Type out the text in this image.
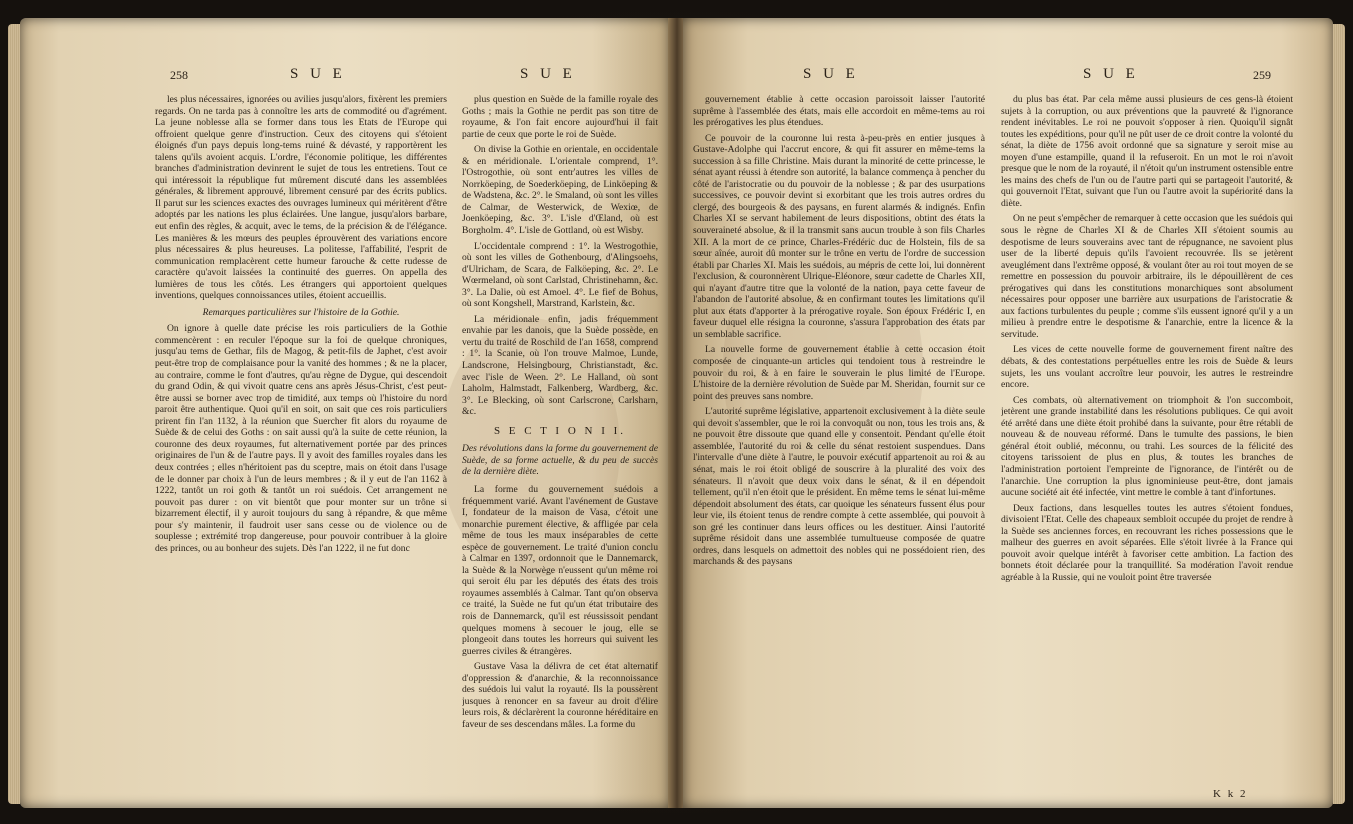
258	S U E	S U E

les plus nécessaires, ignorées ou avilies jusqu'alors, fixèrent les premiers regards. On ne tarda pas à connoître les arts de commodité ou d'agrément. La jeune noblesse alla se former dans tous les Etats de l'Europe qui offroient quelque genre d'instruction. Ceux des citoyens qui s'étoient éloignés d'un pays depuis long-tems ruiné & dévasté, y rapportèrent les talens qu'ils avoient acquis. L'ordre, l'économie politique, les différentes branches d'administration devinrent le sujet de tous les entretiens. Tout ce qui intéressoit la république fut mûrement discuté dans les assemblées générales, & librement approuvé, librement censuré par des écrits publics. Il parut sur les sciences exactes des ouvrages lumineux qui méritèrent d'être adoptés par les nations les plus éclairées. Une langue, jusqu'alors barbare, eut enfin des règles, & acquit, avec le tems, de la précision & de l'élégance. Les manières & les mœurs des peuples éprouvèrent des variations encore plus nécessaires & plus heureuses. La politesse, l'affabilité, l'esprit de communication remplacèrent cette humeur farouche & cette rudesse de caractère qu'avoit laissées la continuité des guerres. On appella des lumières de tous les côtés. Les étrangers qui apportoient quelques inventions, quelques connoissances utiles, étoient accueillis.

Remarques particulières sur l'histoire de la Gothie.

On ignore à quelle date précise les rois particuliers de la Gothie commencèrent : en reculer l'époque sur la foi de quelque chroniques, jusqu'au tems de Gethar, fils de Magog, & petit-fils de Japhet, c'est avoir peut-être trop de complaisance pour la vanité des hommes ; & ne la placer, au contraire, comme le font d'autres, qu'au règne de Dygue, qui descendoit du grand Odin, & qui vivoit quatre cens ans après Jésus-Christ, c'est peut-être aussi se borner avec trop de timidité, aux temps où l'histoire du nord paroit être authentique. Quoi qu'il en soit, on sait que ces rois particuliers prirent fin l'an 1132, à la réunion que Suercher fit alors du royaume de Suède & de celui des Goths : on sait aussi qu'à la suite de cette réunion, la couronne des deux royaumes, fut alternativement portée par des princes originaires de l'un & de l'autre pays. Il y avoit des familles royales dans les deux contrées ; elles n'héritoient pas du sceptre, mais on étoit dans l'usage de le donner par choix à l'un de leurs membres ; & il y eut de l'an 1162 à 1222, tantôt un roi goth & tantôt un roi suédois. Cet arrangement ne pouvoit pas durer : on vit bientôt que pour monter sur un trône si bizarrement électif, il y auroit toujours du sang à répandre, & que même pour s'y maintenir, il faudroit user sans cesse ou de violence ou de souplesse ; extrémité trop dangereuse, pour pouvoir contribuer à la gloire des princes, ou au bonheur des sujets. Dès l'an 1222, il ne fut donc

plus question en Suède de la famille royale des Goths ; mais la Gothie ne perdit pas son titre de royaume, & l'on fait encore aujourd'hui il fait partie de ceux que porte le roi de Suède.

On divise la Gothie en orientale, en occidentale & en méridionale. L'orientale comprend, 1°. l'Ostrogothie, où sont entr'autres les villes de Norrköeping, de Soederköeping, de Linköeping & de Wadstena, &c. 2°. le Smaland, où sont les villes de Calmar, de Westerwick, de Wexiœ, de Joenköeping, &c. 3°. L'isle d'Œland, où est Borgholm. 4°. L'isle de Gottland, où est Wisby.

L'occidentale comprend : 1°. la Westrogothie, où sont les villes de Gothenbourg, d'Alingsoehs, d'Ulricham, de Scara, de Falköeping, &c. 2°. Le Wœrmeland, où sont Carlstad, Christinehamn, &c. 3°. La Dalie, où est Amoel. 4°. Le fief de Bohus, où sont Kongshell, Marstrand, Karlstein, &c.

La méridionale enfin, jadis fréquemment envahie par les danois, que la Suède possède, en vertu du traité de Roschild de l'an 1658, comprend : 1°. la Scanie, où l'on trouve Malmoe, Lunde, Landscrone, Helsingbourg, Christianstadt, &c. avec l'isle de Ween. 2°. Le Halland, où sont Laholm, Halmstadt, Falkenberg, Wardberg, &c. 3°. Le Blecking, où sont Carlscrone, Carlsharn, &c.

S E C T I O N I I.

Des révolutions dans la forme du gouvernement de Suède, de sa forme actuelle, & du peu de succès de la dernière diète.

La forme du gouvernement suédois a fréquemment varié. Avant l'avénement de Gustave I, fondateur de la maison de Vasa, c'étoit une monarchie purement élective, & affligée par cela même de tous les maux inséparables de cette espèce de gouvernement. Le traité d'union conclu à Calmar en 1397, ordonnoit que le Dannemarck, la Suède & la Norwège n'eussent qu'un même roi qui seroit élu par les députés des états des trois royaumes assemblés à Calmar. Tant qu'on observa ce traité, la Suède ne fut qu'un état tributaire des rois de Dannemarck, qu'il est réussissoit pendant quelques momens à secouer le joug, elle se plongeoit dans toutes les horreurs qui suivent les guerres civiles & étrangères.

Gustave Vasa la délivra de cet état alternatif d'oppression & d'anarchie, & la reconnoissance des suédois lui valut la royauté. Ils la poussèrent jusques à renoncer en sa faveur au droit d'élire leurs rois, & déclarèrent la couronne héréditaire en faveur de ses descendans mâles. La forme du

S U E	S U E	259

gouvernement établie à cette occasion paroissoit laisser l'autorité suprême à l'assemblée des états, mais elle accordoit en même-tems au roi les prérogatives les plus étendues.

Ce pouvoir de la couronne lui resta à-peu-près en entier jusques à Gustave-Adolphe qui l'accrut encore, & qui fit assurer en même-tems la succession à sa fille Christine. Mais durant la minorité de cette princesse, le sénat ayant réussi à étendre son autorité, la balance commença à pencher du côté de l'aristocratie ou du pouvoir de la noblesse ; & par des usurpations successives, ce pouvoir devint si exorbitant que les trois autres ordres du clergé, des bourgeois & des paysans, en furent alarmés & indignés. Enfin Charles XI se servant habilement de leurs dispositions, obtint des états la souveraineté absolue, & il la transmit sans aucun trouble à son fils Charles XII. A la mort de ce prince, Charles-Frédéric duc de Holstein, fils de sa sœur aînée, auroit dû monter sur le trône en vertu de l'ordre de succession établi par Charles XI. Mais les suédois, au mépris de cette loi, lui donnèrent l'exclusion, & couronnèrent Ulrique-Eléonore, sœur cadette de Charles XII, qui n'ayant d'autre titre que la volonté de la nation, paya cette faveur de l'abandon de l'autorité absolue, & en confirmant toutes les limitations qu'il plut aux états d'apporter à la prérogative royale. Son époux Frédéric I, en faveur duquel elle résigna la couronne, s'assura l'approbation des états par un semblable sacrifice.

La nouvelle forme de gouvernement établie à cette occasion étoit composée de cinquante-un articles qui tendoient tous à restreindre le pouvoir du roi, & à en faire le souverain le plus limité de l'Europe. L'histoire de la dernière révolution de Suède par M. Sheridan, fournit sur ce point des preuves sans nombre.

L'autorité suprême législative, appartenoit exclusivement à la diète seule qui devoit s'assembler, que le roi la convoquât ou non, tous les trois ans, & ne pouvoit être dissoute que quand elle y consentoit. Pendant qu'elle étoit assemblée, l'autorité du roi & celle du sénat restoient suspendues. Dans l'intervalle d'une diète à l'autre, le pouvoir exécutif appartenoit au roi & au sénat, mais le roi étoit obligé de souscrire à la pluralité des voix des sénateurs. Il n'avoit que deux voix dans le sénat, & il en dépendoit tellement, qu'il n'en étoit que le président. En même tems le sénat lui-même dépendoit absolument des états, car quoique les sénateurs fussent élus pour leur vie, ils étoient tenus de rendre compte à cette assemblée, qui pouvoit à son gré les continuer dans leurs offices ou les destituer. Ainsi l'autorité suprême résidoit dans une assemblée tumultueuse composée de quatre ordres, dans lesquels on admettoit des nobles qui ne possédoient rien, des marchands & des paysans

du plus bas état. Par cela même aussi plusieurs de ces gens-là étoient sujets à la corruption, ou aux préventions que la pauvreté & l'ignorance rendent inévitables. Le roi ne pouvoit s'opposer à rien. Quoiqu'il signât toutes les expéditions, pour qu'il ne pût user de ce droit contre la volonté du sénat, la diète de 1756 avoit ordonné que sa signature y seroit mise au moyen d'une estampille, quand il la refuseroit. En un mot le roi n'avoit presque que le nom de la royauté, il n'étoit qu'un instrument ostensible entre les mains des chefs de l'un ou de l'autre parti qui se partageoit l'autorité, & qui gouvernoit l'Etat, suivant que l'un ou l'autre avoit la supériorité dans la diète.

On ne peut s'empêcher de remarquer à cette occasion que les suédois qui sous le règne de Charles XI & de Charles XII s'étoient soumis au despotisme de leurs souverains avec tant de répugnance, ne savoient plus user de la liberté depuis qu'ils l'avoient recouvrée. Ils se jetèrent aveuglément dans l'extrême opposé, & voulant ôter au roi tout moyen de se remettre en possession du pouvoir arbitraire, ils le dépouillèrent de ces prérogatives qui dans les constitutions monarchiques sont absolument nécessaires pour opposer une barrière aux usurpations de l'aristocratie & aux factions turbulentes du peuple ; comme s'ils eussent ignoré qu'il y a un milieu à prendre entre le despotisme & l'anarchie, entre la licence & la servitude.

Les vices de cette nouvelle forme de gouvernement firent naître des débats, & des contestations perpétuelles entre les rois de Suède & leurs sujets, les uns voulant accroître leur pouvoir, les autres le restreindre encore.

Ces combats, où alternativement on triomphoit & l'on succomboit, jetèrent une grande instabilité dans les résolutions publiques. Ce qui avoit été arrêté dans une diète étoit prohibé dans la suivante, pour être rétabli de nouveau & de nouveau réformé. Dans le tumulte des passions, le bien général étoit oublié, méconnu, ou trahi. Les sources de la félicité des citoyens tarissoient de plus en plus, & toutes les branches de l'administration portoient l'empreinte de l'ignorance, de l'intérêt ou de l'anarchie. Une corruption la plus ignominieuse peut-être, dont jamais aucune société ait été infectée, vint mettre le comble à tant d'infortunes.

Deux factions, dans lesquelles toutes les autres s'étoient fondues, divisoient l'Etat. Celle des chapeaux sembloit occupée du projet de rendre à la Suède ses anciennes forces, en recouvrant les riches possessions que le malheur des guerres en avoit séparées. Elle s'étoit livrée à la France qui pouvoit avoir quelque intérêt à favoriser cette ambition. La faction des bonnets étoit déclarée pour la tranquillité. Sa modération l'avoit rendue agréable à la Russie, qui ne vouloit point être traversée

K k 2
